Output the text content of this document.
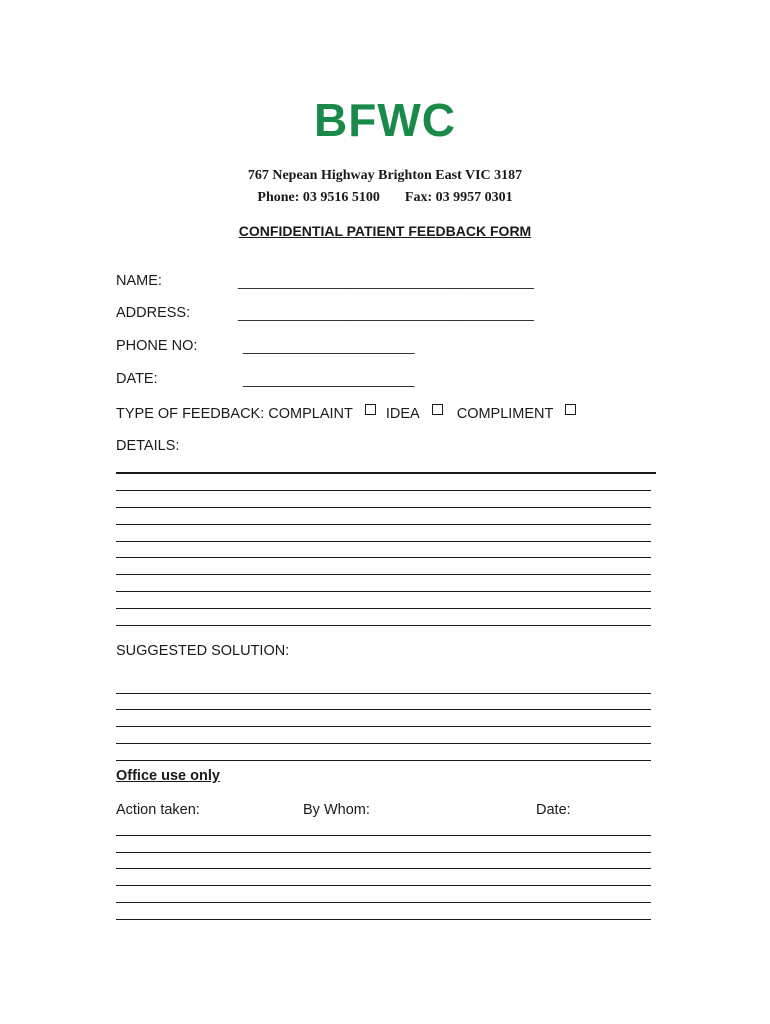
BFWC
767 Nepean Highway Brighton East VIC 3187
Phone: 03 9516 5100 Fax: 03 9957 0301
CONFIDENTIAL PATIENT FEEDBACK FORM
NAME:	______________________________________
ADDRESS:	______________________________________
PHONE NO:	______________________
DATE:	______________________
TYPE OF FEEDBACK: COMPLAINT IDEA	COMPLIMENT
DETAILS:
SUGGESTED SOLUTION:
Office use only
Action taken:	By Whom:	Date:
